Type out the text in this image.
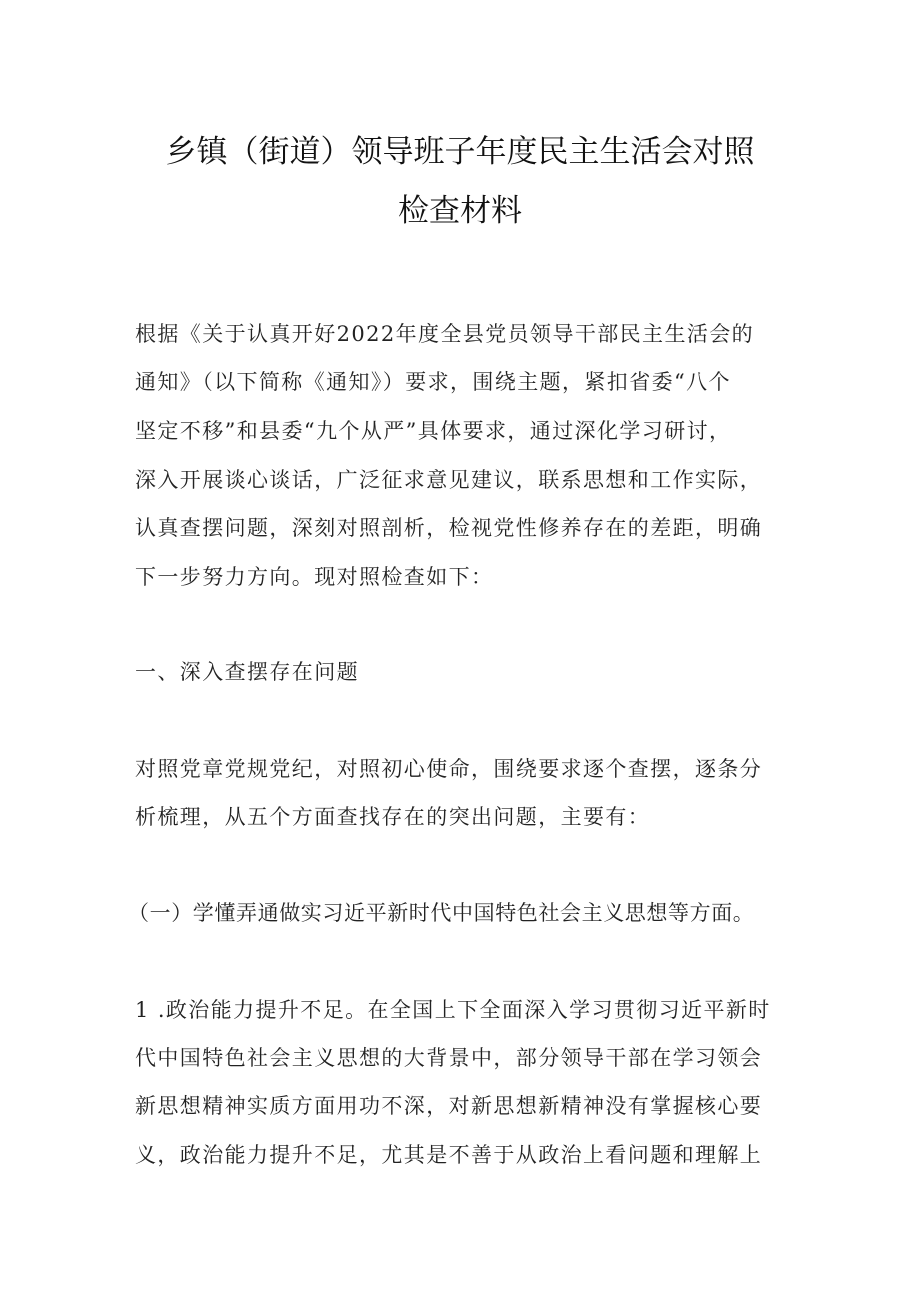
乡镇（街道）领导班子年度民主生活会对照
检查材料
根据《关于认真开好2022年度全县党员领导干部民主生活会的
通知》（以下简称《通知》）要求，围绕主题，紧扣省委“八个
坚定不移”和县委“九个从严”具体要求，通过深化学习研讨，
深入开展谈心谈话，广泛征求意见建议，联系思想和工作实际，
认真查摆问题，深刻对照剖析，检视党性修养存在的差距，明确
下一步努力方向。现对照检查如下：
一、深入查摆存在问题
对照党章党规党纪，对照初心使命，围绕要求逐个查摆，逐条分
析梳理，从五个方面查找存在的突出问题，主要有：
（一）学懂弄通做实习近平新时代中国特色社会主义思想等方面。
1 .政治能力提升不足。在全国上下全面深入学习贯彻习近平新时
代中国特色社会主义思想的大背景中，部分领导干部在学习领会
新思想精神实质方面用功不深，对新思想新精神没有掌握核心要
义，政治能力提升不足，尤其是不善于从政治上看问题和理解上
